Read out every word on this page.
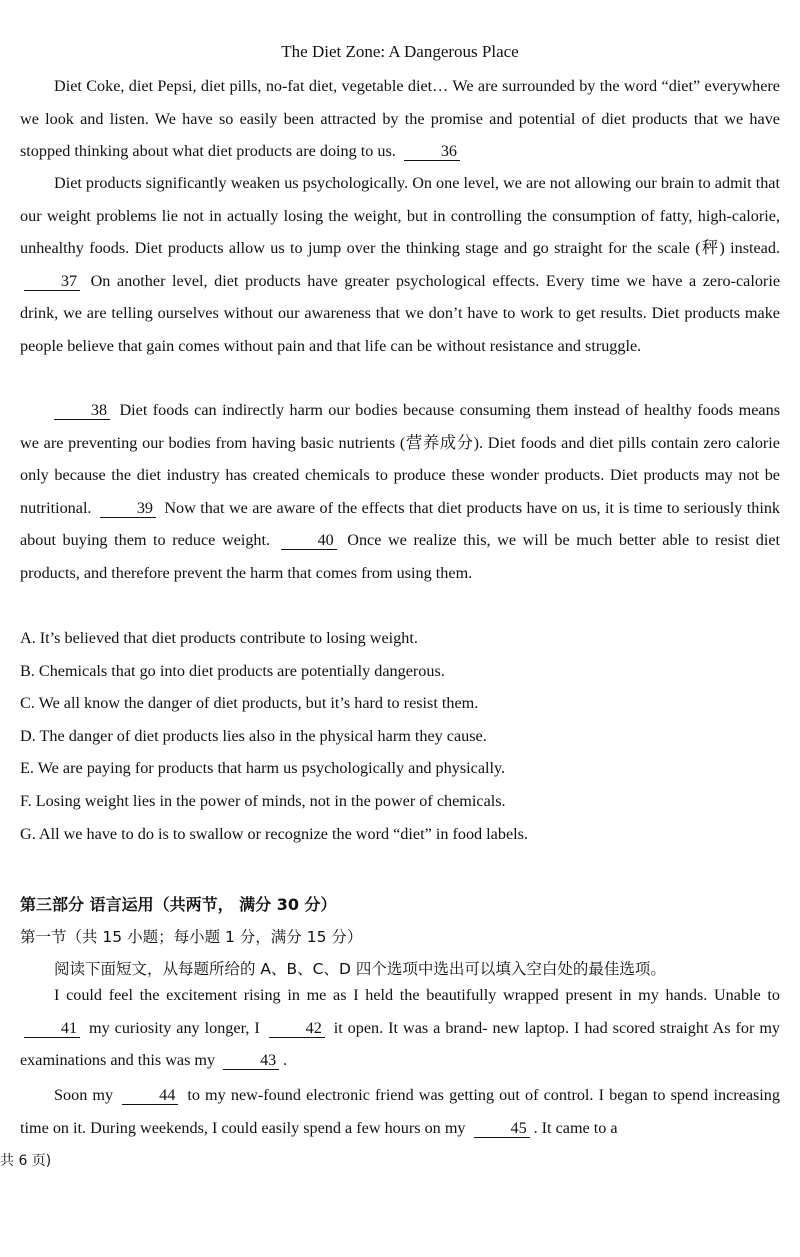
The Diet Zone: A Dangerous Place

Diet Coke, diet Pepsi, diet pills, no-fat diet, vegetable diet… We are surrounded by the word “diet” everywhere we look and listen. We have so easily been attracted by the promise and potential of diet products that we have stopped thinking about what diet products are doing to us.	36

Diet products significantly weaken us psychologically. On one level, we are not allowing our brain to admit that our weight problems lie not in actually losing the weight, but in controlling the consumption of fatty, high-calorie, unhealthy foods. Diet products allow us to jump over the thinking stage and go straight for the scale (秤) instead. 37 On another level, diet products have greater psychological effects. Every time we have a zero-calorie drink, we are telling ourselves without our awareness that we don’t have to work to get results. Diet products make people believe that gain comes without pain and that life can be without resistance and struggle.

38 Diet foods can indirectly harm our bodies because consuming them instead of healthy foods means we are preventing our bodies from having basic nutrients (营养成分). Diet foods and diet pills contain zero calorie only because the diet industry has created chemicals to produce these wonder products. Diet products may not be nutritional.	39 Now that we are aware of the effects that diet products have on us, it is time to seriously think about buying them to reduce weight.	40 Once we realize this, we will be much better able to resist diet products, and therefore prevent the harm that comes from using them.

A. It’s believed that diet products contribute to losing weight.
B. Chemicals that go into diet products are potentially dangerous.
C. We all know the danger of diet products, but it’s hard to resist them.
D. The danger of diet products lies also in the physical harm they cause.
E. We are paying for products that harm us psychologically and physically.
F. Losing weight lies in the power of minds, not in the power of chemicals.
G. All we have to do is to swallow or recognize the word “diet” in food labels.
第三部分 语言运用（共两节， 满分 30 分）
第一节（共 15 小题；每小题 1 分，满分 15 分）
阅读下面短文，从每题所给的 A、B、C、D 四个选项中选出可以填入空白处的最佳选项。

I could feel the excitement rising in me as I held the beautifully wrapped present in my hands. Unable to 41 my curiosity any longer, I	42 it open. It was a brand- new laptop. I had scored straight As for my examinations and this was my	43 .

Soon my	44 to my new-found electronic friend was getting out of control. I began to spend increasing time on it. During weekends, I could easily spend a few hours on my	45 . It came to a

共 6 页)
